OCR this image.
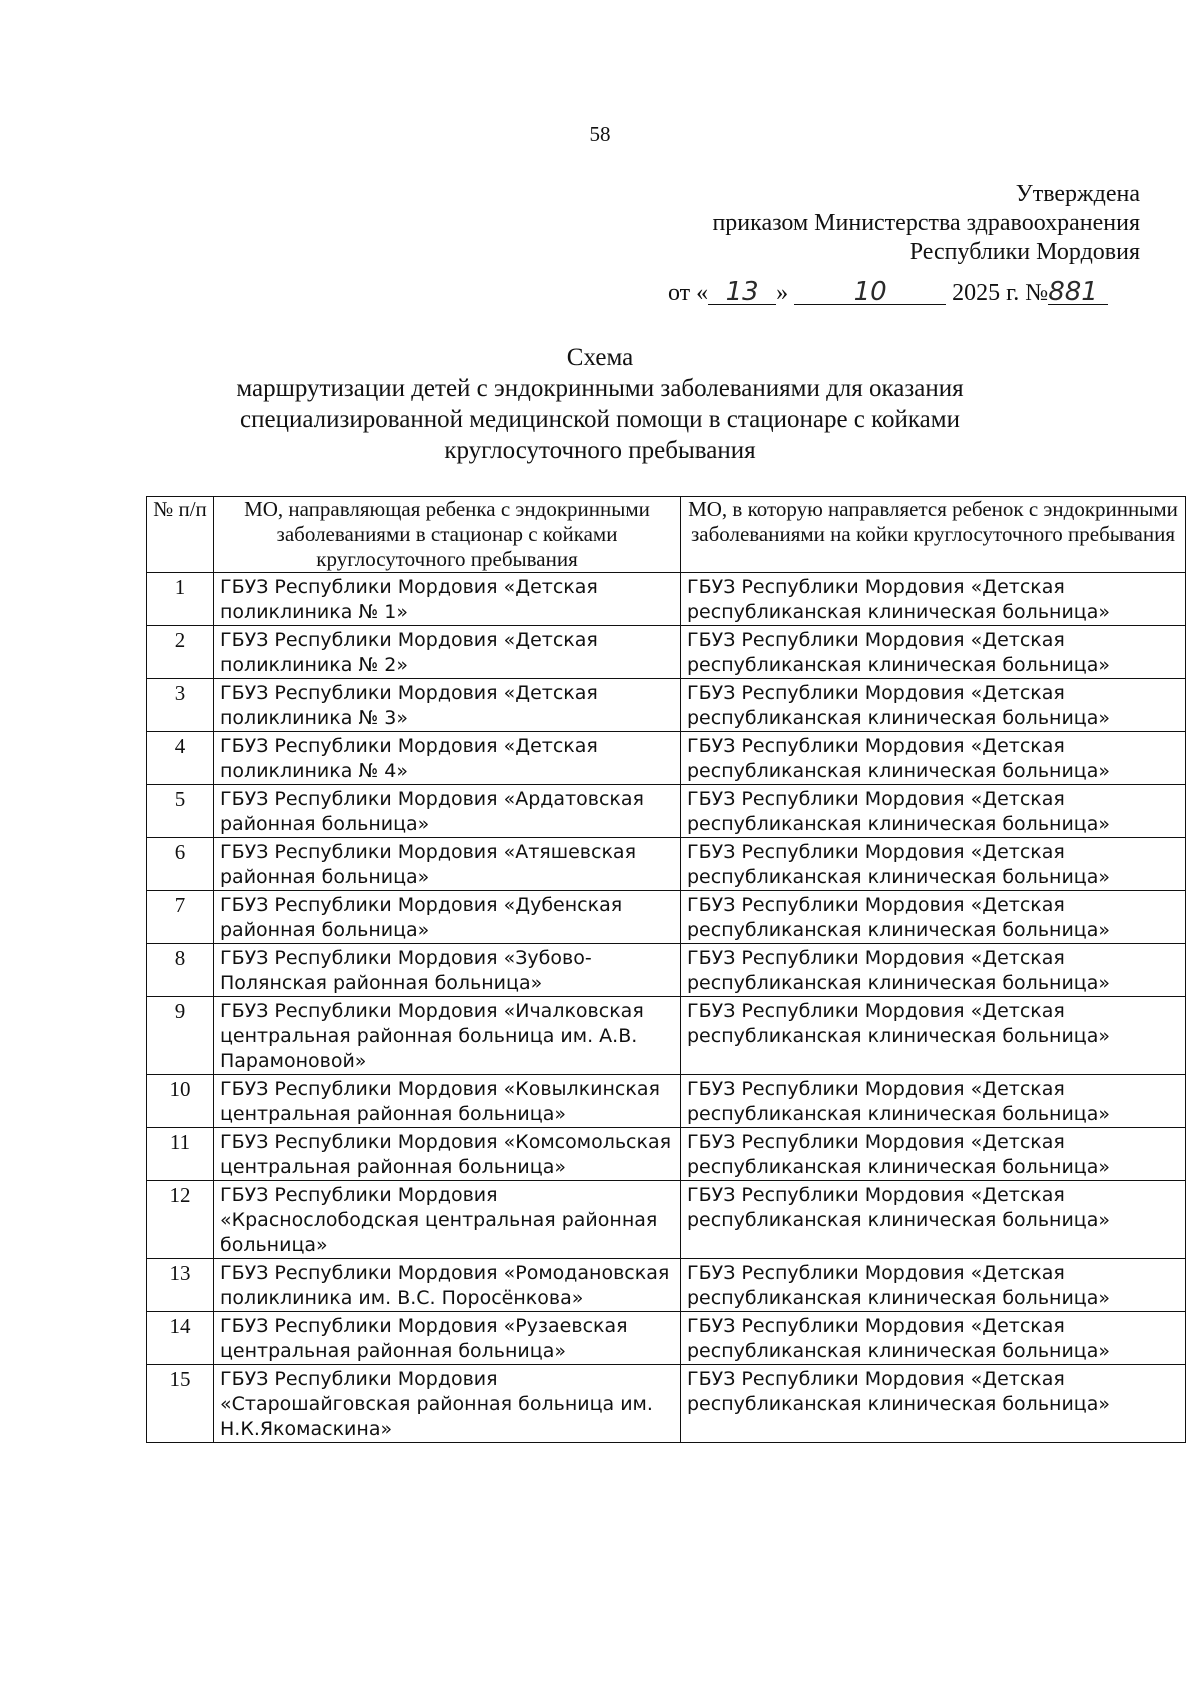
58
Утверждена
приказом Министерства здравоохранения
Республики Мордовия
от « 13 »	10	2025 г. №881
Схема
маршрутизации детей с эндокринными заболеваниями для оказания
специализированной медицинской помощи в стационаре с койками
круглосуточного пребывания
№ п/п	МО, направляющая ребенка с эндокринными заболеваниями в стационар с койками круглосуточного пребывания	МО, в которую направляется ребенок с эндокринными заболеваниями на койки круглосуточного пребывания
1	ГБУЗ Республики Мордовия «Детская поликлиника № 1»	ГБУЗ Республики Мордовия «Детская республиканская клиническая больница»
2	ГБУЗ Республики Мордовия «Детская поликлиника № 2»	ГБУЗ Республики Мордовия «Детская республиканская клиническая больница»
3	ГБУЗ Республики Мордовия «Детская поликлиника № 3»	ГБУЗ Республики Мордовия «Детская республиканская клиническая больница»
4	ГБУЗ Республики Мордовия «Детская поликлиника № 4»	ГБУЗ Республики Мордовия «Детская республиканская клиническая больница»
5	ГБУЗ Республики Мордовия «Ардатовская районная больница»	ГБУЗ Республики Мордовия «Детская республиканская клиническая больница»
6	ГБУЗ Республики Мордовия «Атяшевская районная больница»	ГБУЗ Республики Мордовия «Детская республиканская клиническая больница»
7	ГБУЗ Республики Мордовия «Дубенская районная больница»	ГБУЗ Республики Мордовия «Детская республиканская клиническая больница»
8	ГБУЗ Республики Мордовия «Зубово-Полянская районная больница»	ГБУЗ Республики Мордовия «Детская республиканская клиническая больница»
9	ГБУЗ Республики Мордовия «Ичалковская центральная районная больница им. А.В. Парамоновой»	ГБУЗ Республики Мордовия «Детская республиканская клиническая больница»
10	ГБУЗ Республики Мордовия «Ковылкинская центральная районная больница»	ГБУЗ Республики Мордовия «Детская республиканская клиническая больница»
11	ГБУЗ Республики Мордовия «Комсомольская центральная районная больница»	ГБУЗ Республики Мордовия «Детская республиканская клиническая больница»
12	ГБУЗ Республики Мордовия «Краснослободская центральная районная больница»	ГБУЗ Республики Мордовия «Детская республиканская клиническая больница»
13	ГБУЗ Республики Мордовия «Ромодановская поликлиника им. В.С. Поросёнкова»	ГБУЗ Республики Мордовия «Детская республиканская клиническая больница»
14	ГБУЗ Республики Мордовия «Рузаевская центральная районная больница»	ГБУЗ Республики Мордовия «Детская республиканская клиническая больница»
15	ГБУЗ Республики Мордовия «Старошайговская районная больница им. Н.К.Якомаскина»	ГБУЗ Республики Мордовия «Детская республиканская клиническая больница»
